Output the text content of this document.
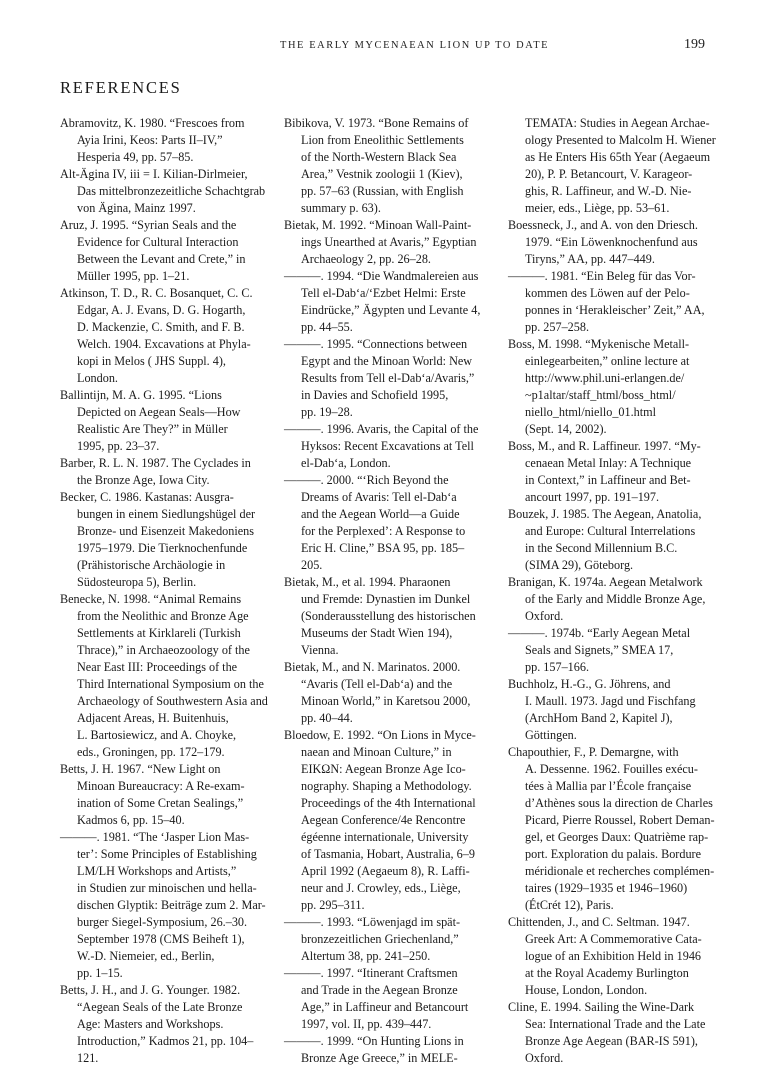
THE EARLY MYCENAEAN LION UP TO DATE	199
REFERENCES

Abramovitz, K. 1980. “Frescoes from
Ayia Irini, Keos: Parts II–IV,”
Hesperia 49, pp. 57–85.

Alt-Ägina IV, iii = I. Kilian-Dirlmeier,
Das mittelbronzezeitliche Schachtgrab
von Ägina, Mainz 1997.

Aruz, J. 1995. “Syrian Seals and the
Evidence for Cultural Interaction
Between the Levant and Crete,” in
Müller 1995, pp. 1–21.

Atkinson, T. D., R. C. Bosanquet, C. C.
Edgar, A. J. Evans, D. G. Hogarth,
D. Mackenzie, C. Smith, and F. B.
Welch. 1904. Excavations at Phyla-
kopi in Melos ( JHS Suppl. 4),
London.

Ballintijn, M. A. G. 1995. “Lions
Depicted on Aegean Seals—How
Realistic Are They?” in Müller
1995, pp. 23–37.

Barber, R. L. N. 1987. The Cyclades in
the Bronze Age, Iowa City.

Becker, C. 1986. Kastanas: Ausgra-
bungen in einem Siedlungshügel der
Bronze- und Eisenzeit Makedoniens
1975–1979. Die Tierknochenfunde
(Prähistorische Archäologie in
Südosteuropa 5), Berlin.

Benecke, N. 1998. “Animal Remains
from the Neolithic and Bronze Age
Settlements at Kirklareli (Turkish
Thrace),” in Archaeozoology of the
Near East III: Proceedings of the
Third International Symposium on the
Archaeology of Southwestern Asia and
Adjacent Areas, H. Buitenhuis,
L. Bartosiewicz, and A. Choyke,
eds., Groningen, pp. 172–179.

Betts, J. H. 1967. “New Light on
Minoan Bureaucracy: A Re-exam-
ination of Some Cretan Sealings,”
Kadmos 6, pp. 15–40.

———. 1981. “The ‘Jasper Lion Mas-
ter’: Some Principles of Establishing
LM/LH Workshops and Artists,”
in Studien zur minoischen und hella-
dischen Glyptik: Beiträge zum 2. Mar-
burger Siegel-Symposium, 26.–30.
September 1978 (CMS Beiheft 1),
W.-D. Niemeier, ed., Berlin,
pp. 1–15.

Betts, J. H., and J. G. Younger. 1982.
“Aegean Seals of the Late Bronze
Age: Masters and Workshops.
Introduction,” Kadmos 21, pp. 104–
121.

Bibikova, V. 1973. “Bone Remains of
Lion from Eneolithic Settlements
of the North-Western Black Sea
Area,” Vestnik zoologii 1 (Kiev),
pp. 57–63 (Russian, with English
summary p. 63).

Bietak, M. 1992. “Minoan Wall-Paint-
ings Unearthed at Avaris,” Egyptian
Archaeology 2, pp. 26–28.

———. 1994. “Die Wandmalereien aus
Tell el-Dab‘a/‘Ezbet Helmi: Erste
Eindrücke,” Ägypten und Levante 4,
pp. 44–55.

———. 1995. “Connections between
Egypt and the Minoan World: New
Results from Tell el-Dab‘a/Avaris,”
in Davies and Schofield 1995,
pp. 19–28.

———. 1996. Avaris, the Capital of the
Hyksos: Recent Excavations at Tell
el-Dab‘a, London.

———. 2000. “‘Rich Beyond the
Dreams of Avaris: Tell el-Dab‘a
and the Aegean World—a Guide
for the Perplexed’: A Response to
Eric H. Cline,” BSA 95, pp. 185–
205.

Bietak, M., et al. 1994. Pharaonen
und Fremde: Dynastien im Dunkel
(Sonderausstellung des historischen
Museums der Stadt Wien 194),
Vienna.

Bietak, M., and N. Marinatos. 2000.
“Avaris (Tell el-Dab‘a) and the
Minoan World,” in Karetsou 2000,
pp. 40–44.

Bloedow, E. 1992. “On Lions in Myce-
naean and Minoan Culture,” in
EIKΩN: Aegean Bronze Age Ico-
nography. Shaping a Methodology.
Proceedings of the 4th International
Aegean Conference/4e Rencontre
égéenne internationale, University
of Tasmania, Hobart, Australia, 6–9
April 1992 (Aegaeum 8), R. Laffi-
neur and J. Crowley, eds., Liège,
pp. 295–311.

———. 1993. “Löwenjagd im spät-
bronzezeitlichen Griechenland,”
Altertum 38, pp. 241–250.

———. 1997. “Itinerant Craftsmen
and Trade in the Aegean Bronze
Age,” in Laffineur and Betancourt
1997, vol. II, pp. 439–447.

———. 1999. “On Hunting Lions in
Bronze Age Greece,” in MELE-

TEMATA: Studies in Aegean Archae-
ology Presented to Malcolm H. Wiener
as He Enters His 65th Year (Aegaeum
20), P. P. Betancourt, V. Karageor-
ghis, R. Laffineur, and W.-D. Nie-
meier, eds., Liège, pp. 53–61.

Boessneck, J., and A. von den Driesch.
1979. “Ein Löwenknochenfund aus
Tiryns,” AA, pp. 447–449.

———. 1981. “Ein Beleg für das Vor-
kommen des Löwen auf der Pelo-
ponnes in ‘Herakleischer’ Zeit,” AA,
pp. 257–258.

Boss, M. 1998. “Mykenische Metall-
einlegearbeiten,” online lecture at
http://www.phil.uni-erlangen.de/
~p1altar/staff_html/boss_html/
niello_html/niello_01.html
(Sept. 14, 2002).

Boss, M., and R. Laffineur. 1997. “My-
cenaean Metal Inlay: A Technique
in Context,” in Laffineur and Bet-
ancourt 1997, pp. 191–197.

Bouzek, J. 1985. The Aegean, Anatolia,
and Europe: Cultural Interrelations
in the Second Millennium B.C.
(SIMA 29), Göteborg.

Branigan, K. 1974a. Aegean Metalwork
of the Early and Middle Bronze Age,
Oxford.

———. 1974b. “Early Aegean Metal
Seals and Signets,” SMEA 17,
pp. 157–166.

Buchholz, H.-G., G. Jöhrens, and
I. Maull. 1973. Jagd und Fischfang
(ArchHom Band 2, Kapitel J),
Göttingen.

Chapouthier, F., P. Demargne, with
A. Dessenne. 1962. Fouilles exécu-
tées à Mallia par l’École française
d’Athènes sous la direction de Charles
Picard, Pierre Roussel, Robert Deman-
gel, et Georges Daux: Quatrième rap-
port. Exploration du palais. Bordure
méridionale et recherches complémen-
taires (1929–1935 et 1946–1960)
(ÉtCrét 12), Paris.

Chittenden, J., and C. Seltman. 1947.
Greek Art: A Commemorative Cata-
logue of an Exhibition Held in 1946
at the Royal Academy Burlington
House, London, London.

Cline, E. 1994. Sailing the Wine-Dark
Sea: International Trade and the Late
Bronze Age Aegean (BAR-IS 591),
Oxford.
